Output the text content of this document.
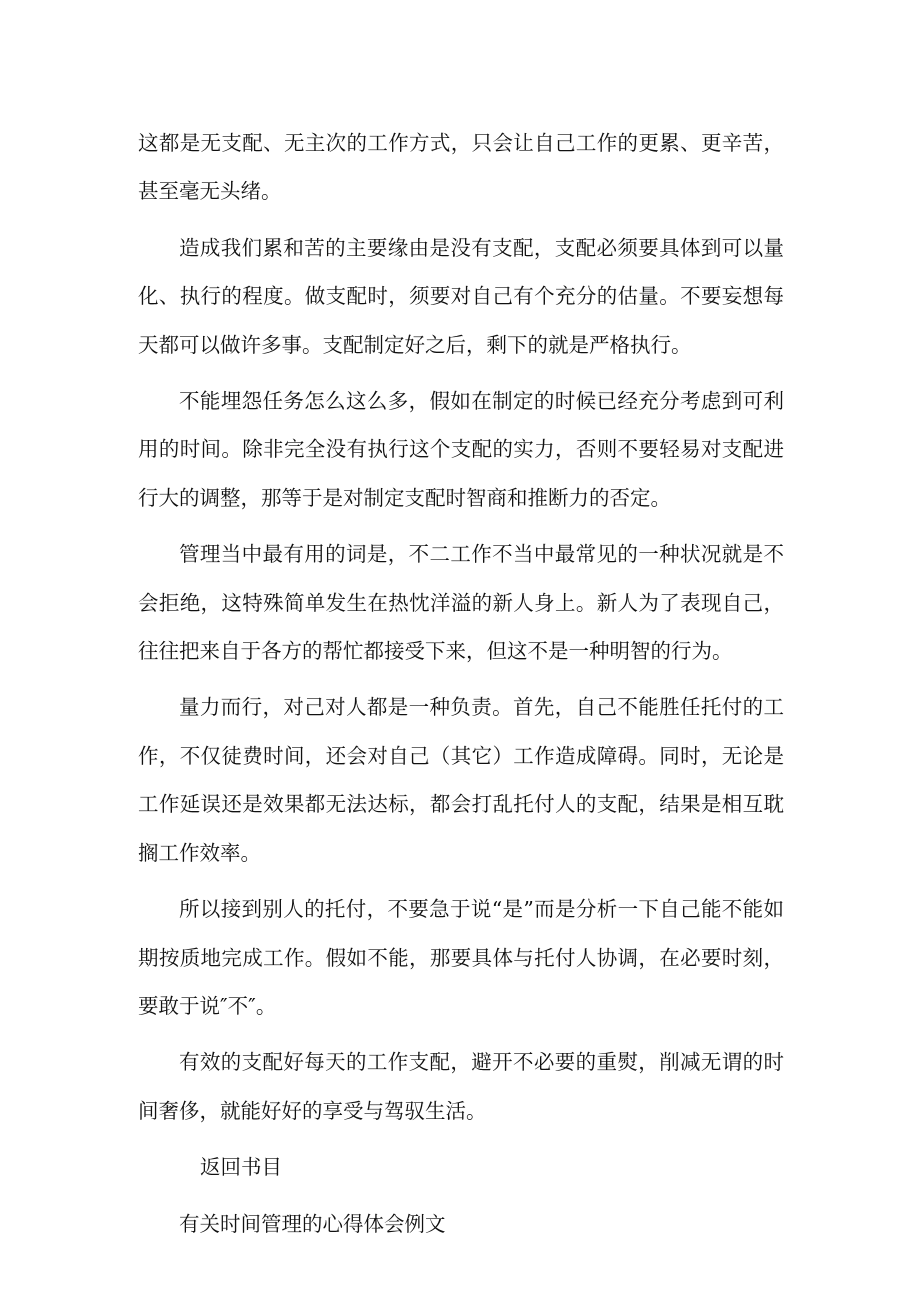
这都是无支配、无主次的工作方式，只会让自己工作的更累、更辛苦，甚至毫无头绪。

造成我们累和苦的主要缘由是没有支配，支配必须要具体到可以量化、执行的程度。做支配时，须要对自己有个充分的估量。不要妄想每天都可以做许多事。支配制定好之后，剩下的就是严格执行。

不能埋怨任务怎么这么多，假如在制定的时候已经充分考虑到可利用的时间。除非完全没有执行这个支配的实力，否则不要轻易对支配进行大的调整，那等于是对制定支配时智商和推断力的否定。

管理当中最有用的词是，不二工作不当中最常见的一种状况就是不会拒绝，这特殊简单发生在热忱洋溢的新人身上。新人为了表现自己，往往把来自于各方的帮忙都接受下来，但这不是一种明智的行为。

量力而行，对己对人都是一种负责。首先，自己不能胜任托付的工作，不仅徒费时间，还会对自己（其它）工作造成障碍。同时，无论是工作延误还是效果都无法达标，都会打乱托付人的支配，结果是相互耽搁工作效率。

所以接到别人的托付，不要急于说“是”而是分析一下自己能不能如期按质地完成工作。假如不能，那要具体与托付人协调，在必要时刻，要敢于说″不″。

有效的支配好每天的工作支配，避开不必要的重熨，削减无谓的时间奢侈，就能好好的享受与驾驭生活。

返回书目

有关时间管理的心得体会例文
